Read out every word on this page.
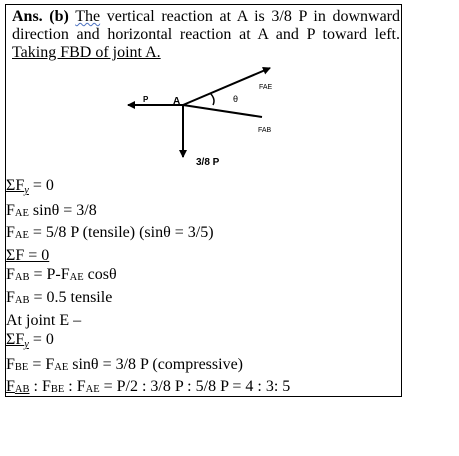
Ans. (b) The vertical reaction at A is 3/8 P in downward direction and horizontal reaction at A and P toward left. Taking FBD of joint A.
P A	θ
FAE
FAB
3/8 P
ΣFy = 0
FAE sinθ = 3/8
FAE = 5/8 P (tensile) (sinθ = 3/5)
ΣF = 0
FAB = P-FAE cosθ
FAB = 0.5 tensile
At joint E –
ΣFy = 0
FBE = FAE sinθ = 3/8 P (compressive)
FAB : FBE : FAE = P/2 : 3/8 P : 5/8 P = 4 : 3: 5
